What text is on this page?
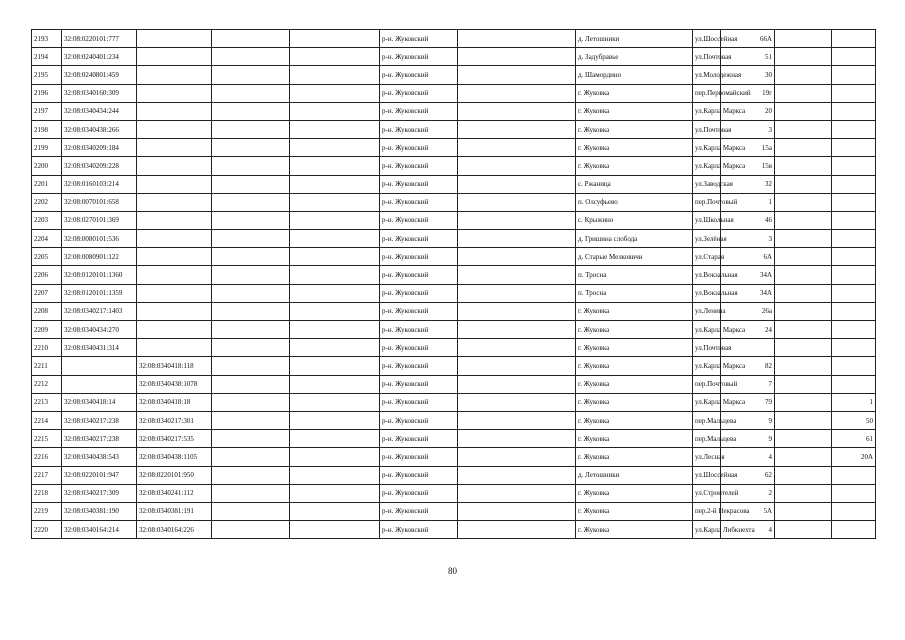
2193	32:08:0220101:777				р-н. Жуковский		д. Летошники	ул.Шоссейная	66А		
2194	32:08:0240401:234				р-н. Жуковский		д. Задубравье	ул.Почтовая	51		
2195	32:08:0240801:459				р-н. Жуковский		д. Шамордино	ул.Молодежная	30		
2196	32:08:0340160:309				р-н. Жуковский		г. Жуковка	пер.Первомайский	19г		
2197	32:08:0340434:244				р-н. Жуковский		г. Жуковка	ул.Карла Маркса	20		
2198	32:08:0340438:266				р-н. Жуковский		г. Жуковка	ул.Почтовая	3		
2199	32:08:0340209:184				р-н. Жуковский		г. Жуковка	ул.Карла Маркса	15а		
2200	32:08:0340209:228				р-н. Жуковский		г. Жуковка	ул.Карла Маркса	15в		
2201	32:08:0160103:214				р-н. Жуковский		с. Ржаница	ул.Заводская	32		
2202	32:08:0070101:658				р-н. Жуковский		п. Олсуфьево	пер.Почтовый	1		
2203	32:08:0270101:369				р-н. Жуковский		с. Крыжино	ул.Школьная	46		
2204	32:08:0080101:536				р-н. Жуковский		д. Гришина слобода	ул.Зелёная	3		
2205	32:08:0080901:122				р-н. Жуковский		д. Старые Мелковичи	ул.Старая	6А		
2206	32:08:0120101:1360				р-н. Жуковский		п. Тросна	ул.Вокзальная	34А		
2207	32:08:0120101:1359				р-н. Жуковский		п. Тросна	ул.Вокзальная	34А		
2208	32:08:0340217:1403				р-н. Жуковский		г. Жуковка	ул.Ленина	26а		
2209	32:08:0340434:270				р-н. Жуковский		г. Жуковка	ул.Карла Маркса	24		
2210	32:08:0340431:314				р-н. Жуковский		г. Жуковка	ул.Почтовая			
2211		32:08:0340418:118			р-н. Жуковский		г. Жуковка	ул.Карла Маркса	82		
2212		32:08:0340438:1078			р-н. Жуковский		г. Жуковка	пер.Почтовый	7		
2213	32:08:0340418:14	32:08:0340418:18			р-н. Жуковский		г. Жуковка	ул.Карла Маркса	79		1
2214	32:08:0340217:238	32:08:0340217:301			р-н. Жуковский		г. Жуковка	пер.Мальцева	9		50
2215	32:08:0340217:238	32:08:0340217:535			р-н. Жуковский		г. Жуковка	пер.Мальцева	9		61
2216	32:08:0340438:543	32:08:0340438:1105			р-н. Жуковский		г. Жуковка	ул.Лесная	4		20А
2217	32:08:0220101:947	32:08:0220101:950			р-н. Жуковский		д. Летошники	ул.Шоссейная	62		
2218	32:08:0340217:309	32:08:0340241:112			р-н. Жуковский		г. Жуковка	ул.Строителей	2		
2219	32:08:0340381:190	32:08:0340381:191			р-н. Жуковский		г. Жуковка	пер.2-й Некрасова	5А		
2220	32:08:0340164:214	32:08:0340164:226			р-н. Жуковский		г. Жуковка	ул.Карла Либкнехта	4		
80
